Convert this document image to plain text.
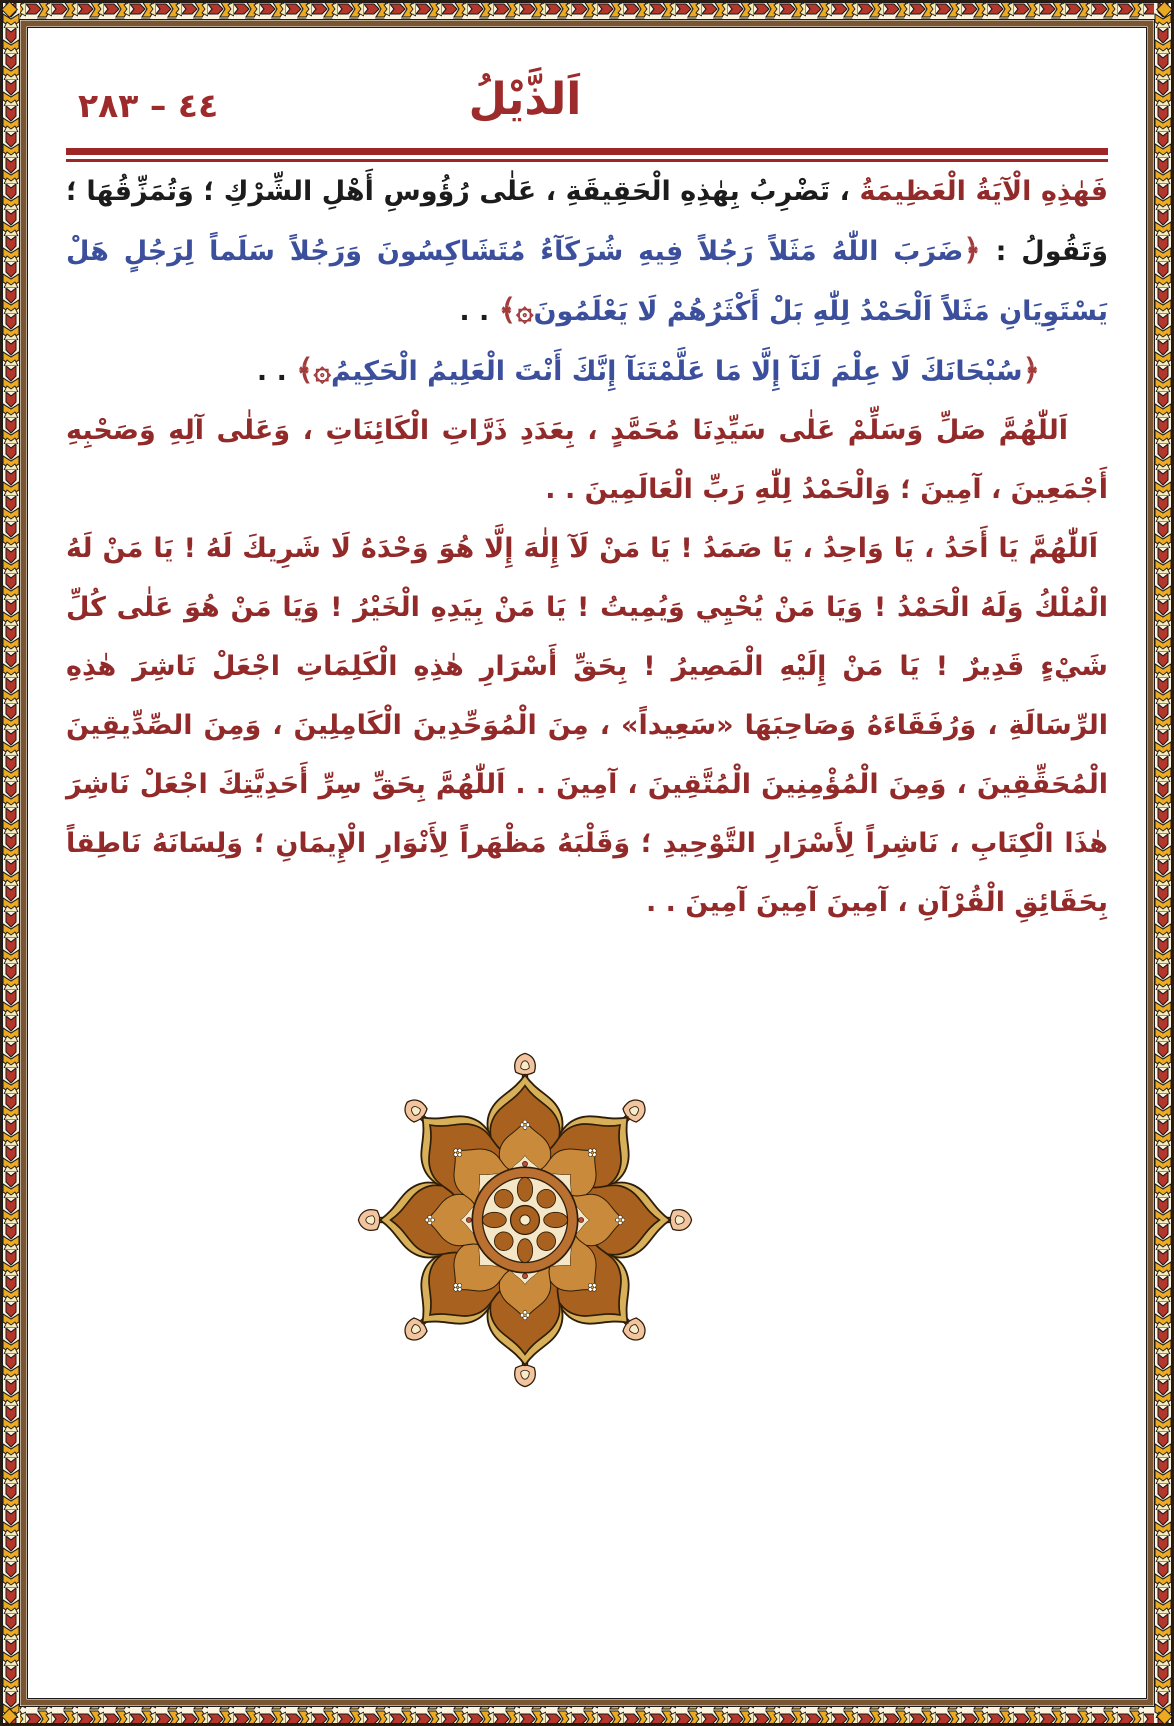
٤٤ – ٢٨٣	اَلذَّيْلُ

فَهٰذِهِ الْآيَةُ الْعَظِيمَةُ ، تَضْرِبُ بِهٰذِهِ الْحَقِيقَةِ ، عَلٰى رُؤُوسِ أَهْلِ الشِّرْكِ ؛ وَتُمَزِّقُهَا ؛ وَتَقُولُ : ﴿ضَرَبَ اللّٰهُ مَثَلاً رَجُلاً فِيهِ شُرَكَآءُ مُتَشَاكِسُونَ وَرَجُلاً سَلَماً لِرَجُلٍ هَلْ يَسْتَوِيَانِ مَثَلاً اَلْحَمْدُ لِلّٰهِ بَلْ أَكْثَرُهُمْ لَا يَعْلَمُونَ۞﴾ . .

﴿سُبْحَانَكَ لَا عِلْمَ لَنَآ إِلَّا مَا عَلَّمْتَنَآ إِنَّكَ أَنْتَ الْعَلِيمُ الْحَكِيمُ۞﴾ . .

اَللّٰهُمَّ صَلِّ وَسَلِّمْ عَلٰى سَيِّدِنَا مُحَمَّدٍ ، بِعَدَدِ ذَرَّاتِ الْكَائِنَاتِ ، وَعَلٰى آلِهِ وَصَحْبِهِ أَجْمَعِينَ ، آمِينَ ؛ وَالْحَمْدُ لِلّٰهِ رَبِّ الْعَالَمِينَ . .

اَللّٰهُمَّ يَا أَحَدُ ، يَا وَاحِدُ ، يَا صَمَدُ ! يَا مَنْ لَآ إِلٰهَ إِلَّا هُوَ وَحْدَهُ لَا شَرِيكَ لَهُ ! يَا مَنْ لَهُ الْمُلْكُ وَلَهُ الْحَمْدُ ! وَيَا مَنْ يُحْيِي وَيُمِيتُ ! يَا مَنْ بِيَدِهِ الْخَيْرُ ! وَيَا مَنْ هُوَ عَلٰى كُلِّ شَيْءٍ قَدِيرٌ ! يَا مَنْ إِلَيْهِ الْمَصِيرُ ! بِحَقِّ أَسْرَارِ هٰذِهِ الْكَلِمَاتِ اجْعَلْ نَاشِرَ هٰذِهِ الرِّسَالَةِ ، وَرُفَقَاءَهُ وَصَاحِبَهَا «سَعِيداً» ، مِنَ الْمُوَحِّدِينَ الْكَامِلِينَ ، وَمِنَ الصِّدِّيقِينَ الْمُحَقِّقِينَ ، وَمِنَ الْمُؤْمِنِينَ الْمُتَّقِينَ ، آمِينَ . . اَللّٰهُمَّ بِحَقِّ سِرِّ أَحَدِيَّتِكَ اجْعَلْ نَاشِرَ هٰذَا الْكِتَابِ ، نَاشِراً لِأَسْرَارِ التَّوْحِيدِ ؛ وَقَلْبَهُ مَظْهَراً لِأَنْوَارِ الْإِيمَانِ ؛ وَلِسَانَهُ نَاطِقاً بِحَقَائِقِ الْقُرْآنِ ، آمِينَ آمِينَ آمِينَ . .
